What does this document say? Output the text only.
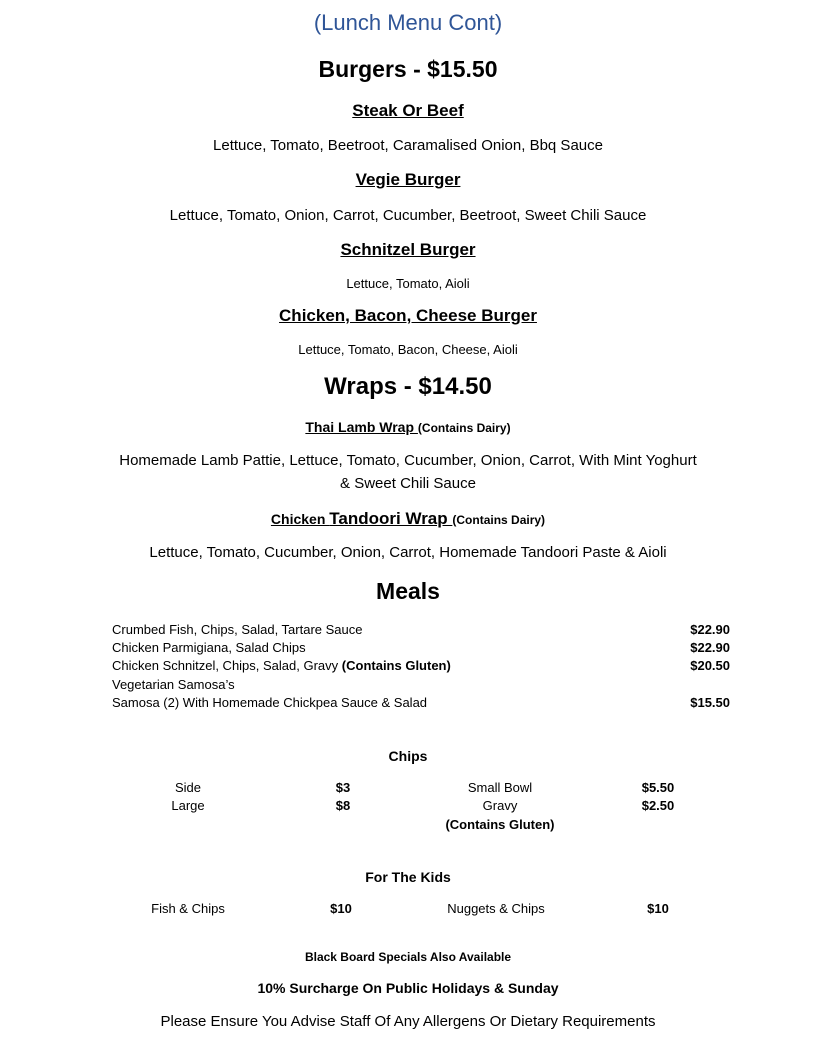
(Lunch Menu Cont)
Burgers - $15.50
Steak Or Beef
Lettuce, Tomato, Beetroot, Caramalised Onion, Bbq Sauce
Vegie Burger
Lettuce, Tomato, Onion, Carrot, Cucumber, Beetroot, Sweet Chili Sauce
Schnitzel Burger
Lettuce, Tomato, Aioli
Chicken, Bacon, Cheese Burger
Lettuce, Tomato, Bacon, Cheese, Aioli
Wraps - $14.50
Thai Lamb Wrap (Contains Dairy)
Homemade Lamb Pattie, Lettuce, Tomato, Cucumber, Onion, Carrot, With Mint Yoghurt
& Sweet Chili Sauce
Chicken Tandoori Wrap (Contains Dairy)
Lettuce, Tomato, Cucumber, Onion, Carrot, Homemade Tandoori Paste & Aioli
Meals
Crumbed Fish, Chips, Salad, Tartare Sauce	$22.90
Chicken Parmigiana, Salad Chips	$22.90
Chicken Schnitzel, Chips, Salad, Gravy (Contains Gluten)	$20.50
Vegetarian Samosa’s
Samosa (2) With Homemade Chickpea Sauce & Salad	$15.50
Chips
Side	$3	Small Bowl	$5.50
Large	$8	Gravy	$2.50
(Contains Gluten)
For The Kids
Fish & Chips	$10	Nuggets & Chips	$10
Black Board Specials Also Available
10% Surcharge On Public Holidays & Sunday
Please Ensure You Advise Staff Of Any Allergens Or Dietary Requirements
